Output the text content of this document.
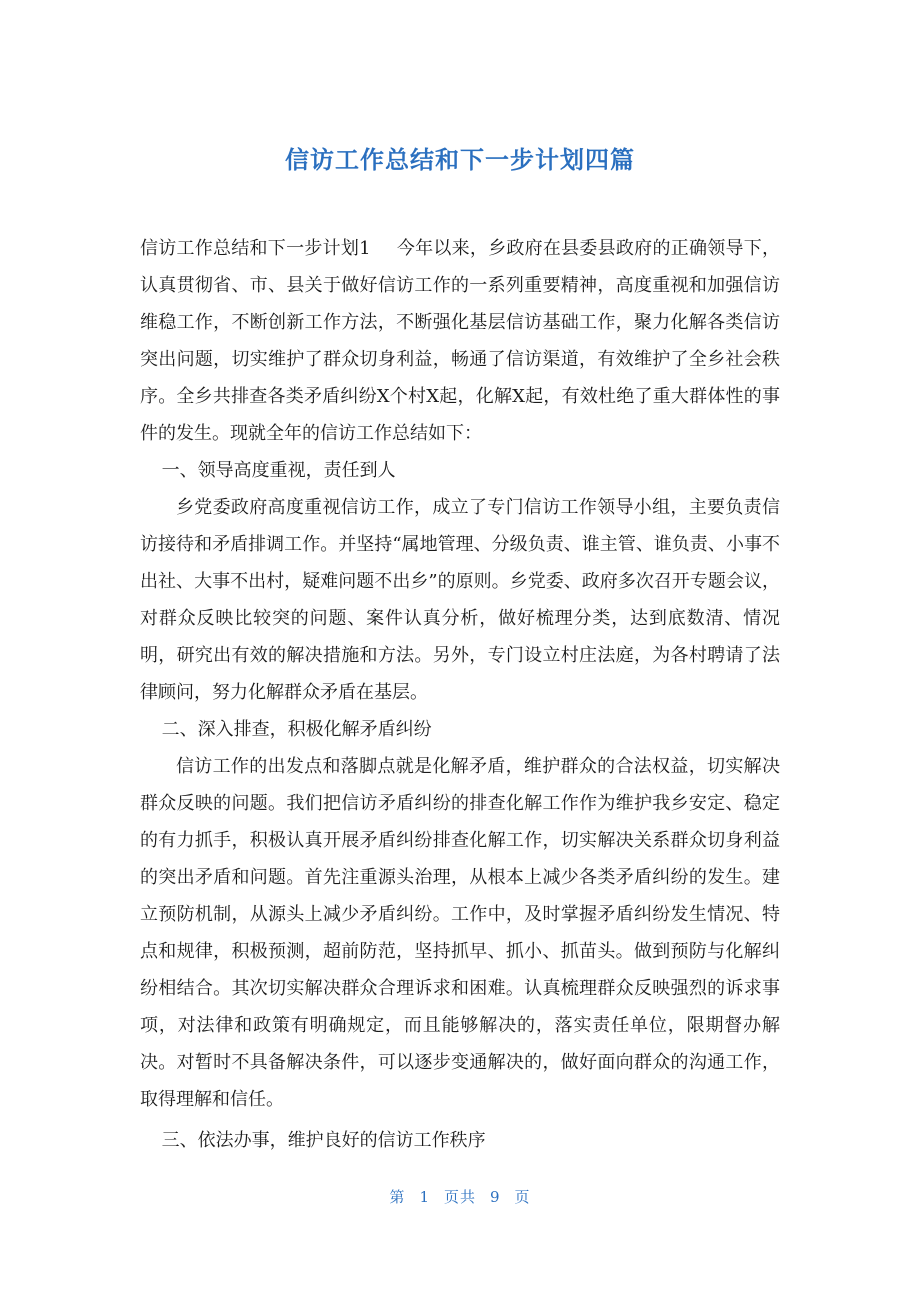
信访工作总结和下一步计划四篇

信访工作总结和下一步计划1 今年以来，乡政府在县委县政府的正确领导下，认真贯彻省、市、县关于做好信访工作的一系列重要精神，高度重视和加强信访维稳工作，不断创新工作方法，不断强化基层信访基础工作，聚力化解各类信访突出问题，切实维护了群众切身利益，畅通了信访渠道，有效维护了全乡社会秩序。全乡共排查各类矛盾纠纷X个村X起，化解X起，有效杜绝了重大群体性的事件的发生。现就全年的信访工作总结如下：

一、领导高度重视，责任到人

乡党委政府高度重视信访工作，成立了专门信访工作领导小组，主要负责信访接待和矛盾排调工作。并坚持“属地管理、分级负责、谁主管、谁负责、小事不出社、大事不出村，疑难问题不出乡”的原则。乡党委、政府多次召开专题会议，对群众反映比较突的问题、案件认真分析，做好梳理分类，达到底数清、情况明，研究出有效的解决措施和方法。另外，专门设立村庄法庭，为各村聘请了法律顾问，努力化解群众矛盾在基层。

二、深入排查，积极化解矛盾纠纷

信访工作的出发点和落脚点就是化解矛盾，维护群众的合法权益，切实解决群众反映的问题。我们把信访矛盾纠纷的排查化解工作作为维护我乡安定、稳定的有力抓手，积极认真开展矛盾纠纷排查化解工作，切实解决关系群众切身利益的突出矛盾和问题。首先注重源头治理，从根本上减少各类矛盾纠纷的发生。建立预防机制，从源头上减少矛盾纠纷。工作中，及时掌握矛盾纠纷发生情况、特点和规律，积极预测，超前防范，坚持抓早、抓小、抓苗头。做到预防与化解纠纷相结合。其次切实解决群众合理诉求和困难。认真梳理群众反映强烈的诉求事项，对法律和政策有明确规定，而且能够解决的，落实责任单位，限期督办解决。对暂时不具备解决条件，可以逐步变通解决的，做好面向群众的沟通工作，取得理解和信任。

三、依法办事，维护良好的信访工作秩序

第 1 页共 9 页
